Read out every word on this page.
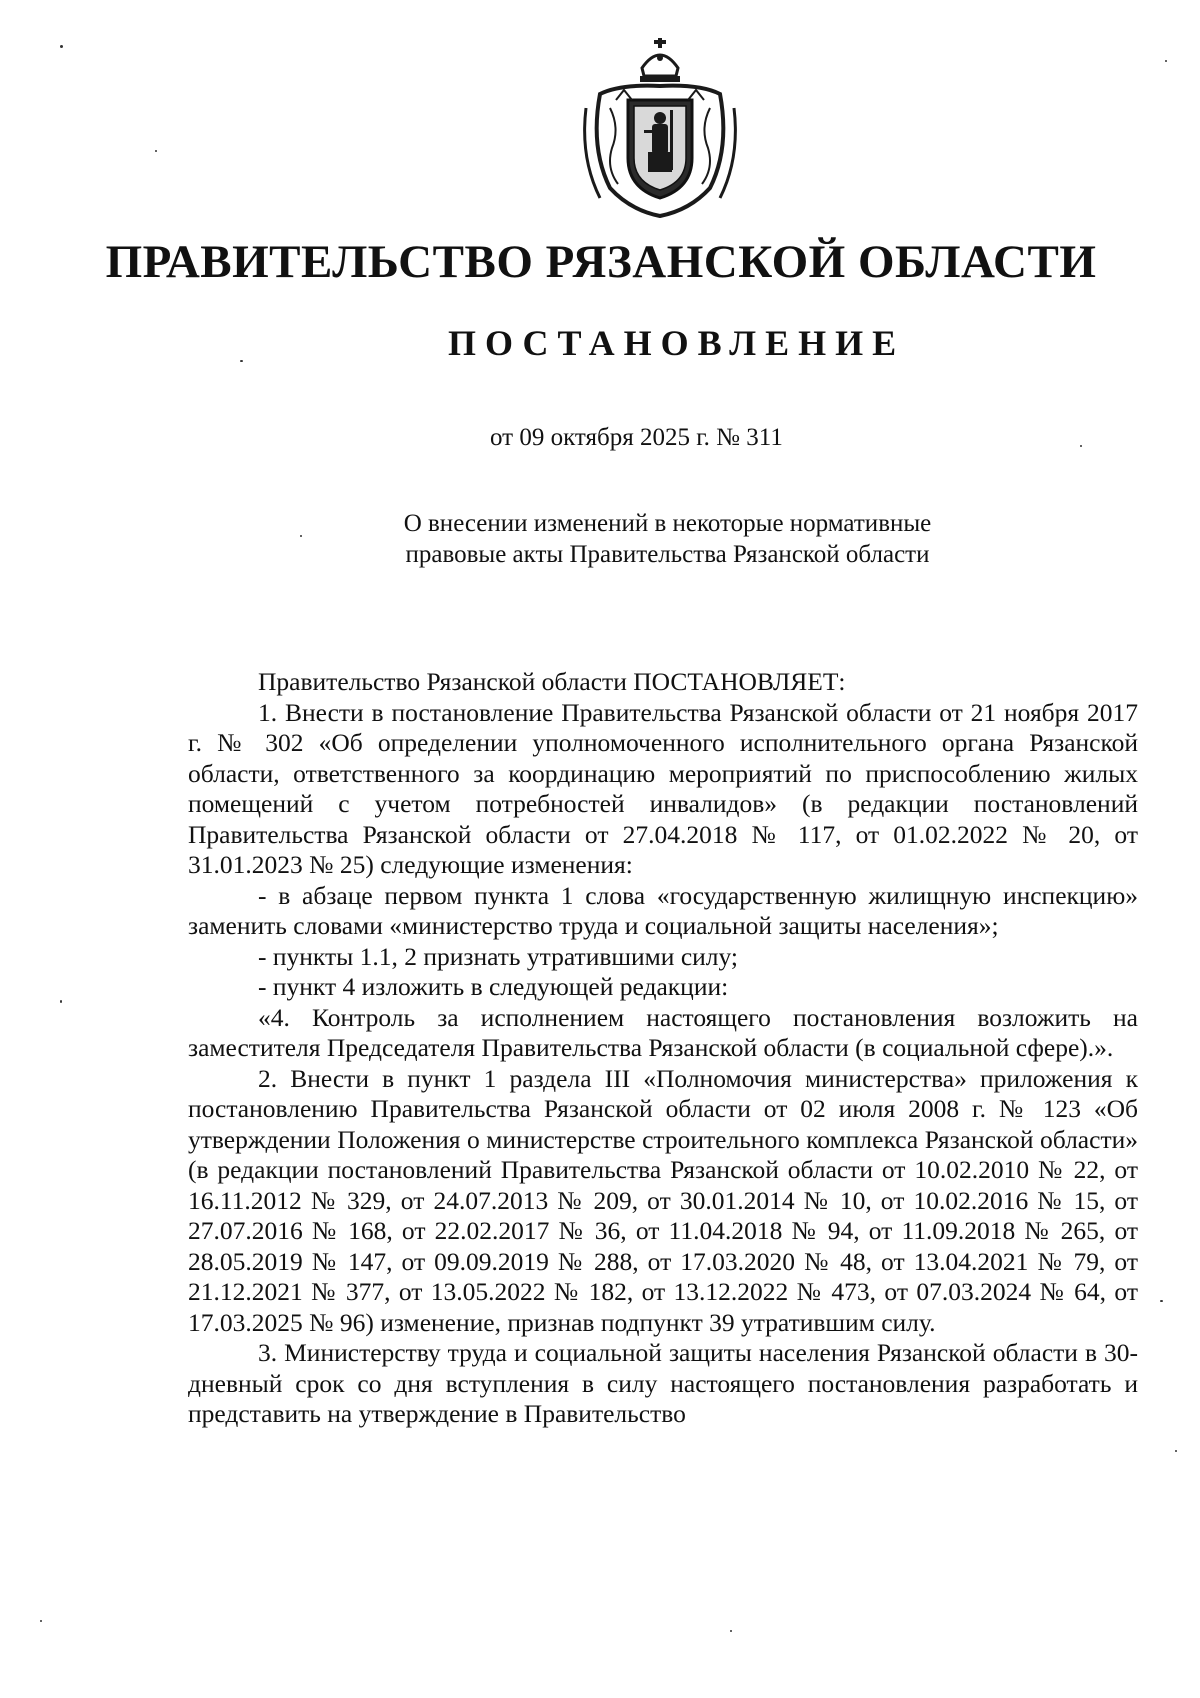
ПРАВИТЕЛЬСТВО РЯЗАНСКОЙ ОБЛАСТИ
ПОСТАНОВЛЕНИЕ
от 09 октября 2025 г. № 311
О внесении изменений в некоторые нормативные
правовые акты Правительства Рязанской области

Правительство Рязанской области ПОСТАНОВЛЯЕТ:

1. Внести в постановление Правительства Рязанской области от 21 ноября 2017 г. № 302 «Об определении уполномоченного исполнительного органа Рязанской области, ответственного за координацию мероприятий по приспособлению жилых помещений с учетом потребностей инвалидов» (в редакции постановлений Правительства Рязанской области от 27.04.2018 № 117, от 01.02.2022 № 20, от 31.01.2023 № 25) следующие изменения:

- в абзаце первом пункта 1 слова «государственную жилищную инспекцию» заменить словами «министерство труда и социальной защиты населения»;

- пункты 1.1, 2 признать утратившими силу;

- пункт 4 изложить в следующей редакции:

«4. Контроль за исполнением настоящего постановления возложить на заместителя Председателя Правительства Рязанской области (в социальной сфере).».

2. Внести в пункт 1 раздела III «Полномочия министерства» приложения к постановлению Правительства Рязанской области от 02 июля 2008 г. № 123 «Об утверждении Положения о министерстве строительного комплекса Рязанской области» (в редакции постановлений Правительства Рязанской области от 10.02.2010 № 22, от 16.11.2012 № 329, от 24.07.2013 № 209, от 30.01.2014 № 10, от 10.02.2016 № 15, от 27.07.2016 № 168, от 22.02.2017 № 36, от 11.04.2018 № 94, от 11.09.2018 № 265, от 28.05.2019 № 147, от 09.09.2019 № 288, от 17.03.2020 № 48, от 13.04.2021 № 79, от 21.12.2021 № 377, от 13.05.2022 № 182, от 13.12.2022 № 473, от 07.03.2024 № 64, от 17.03.2025 № 96) изменение, признав подпункт 39 утратившим силу.

3. Министерству труда и социальной защиты населения Рязанской области в 30-дневный срок со дня вступления в силу настоящего постановления разработать и представить на утверждение в Правительство
